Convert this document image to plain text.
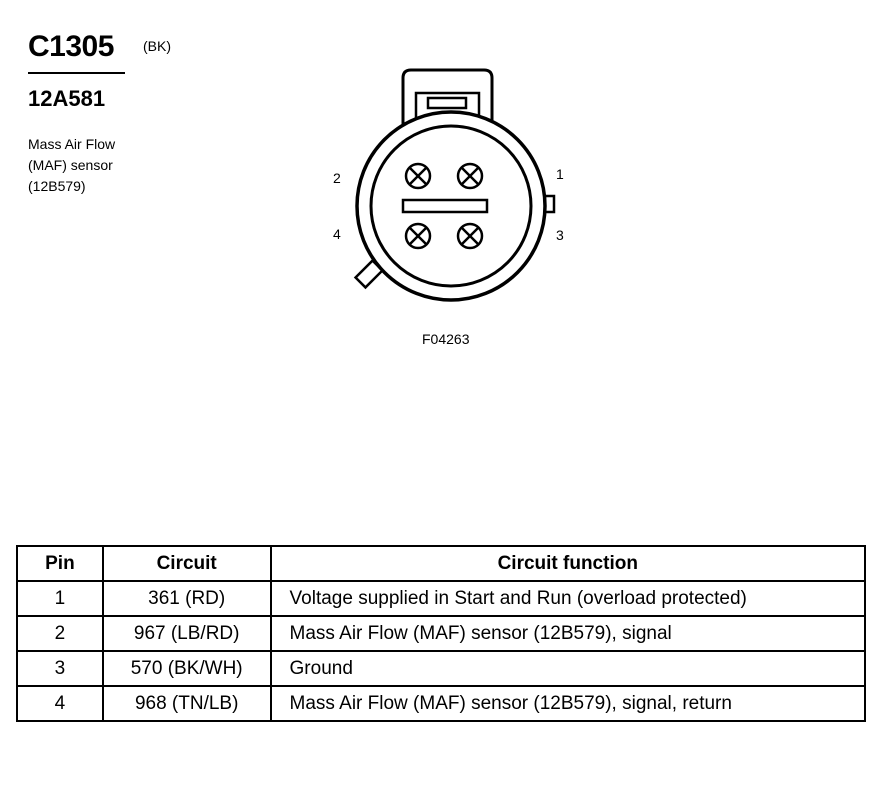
C1305 (BK)
12A581
Mass Air Flow
(MAF) sensor
(12B579)	2	1
4	3
F04263
Pin	Circuit	Circuit function
1	361 (RD)	Voltage supplied in Start and Run (overload protected)
2	967 (LB/RD)	Mass Air Flow (MAF) sensor (12B579), signal
3	570 (BK/WH)	Ground
4	968 (TN/LB)	Mass Air Flow (MAF) sensor (12B579), signal, return
